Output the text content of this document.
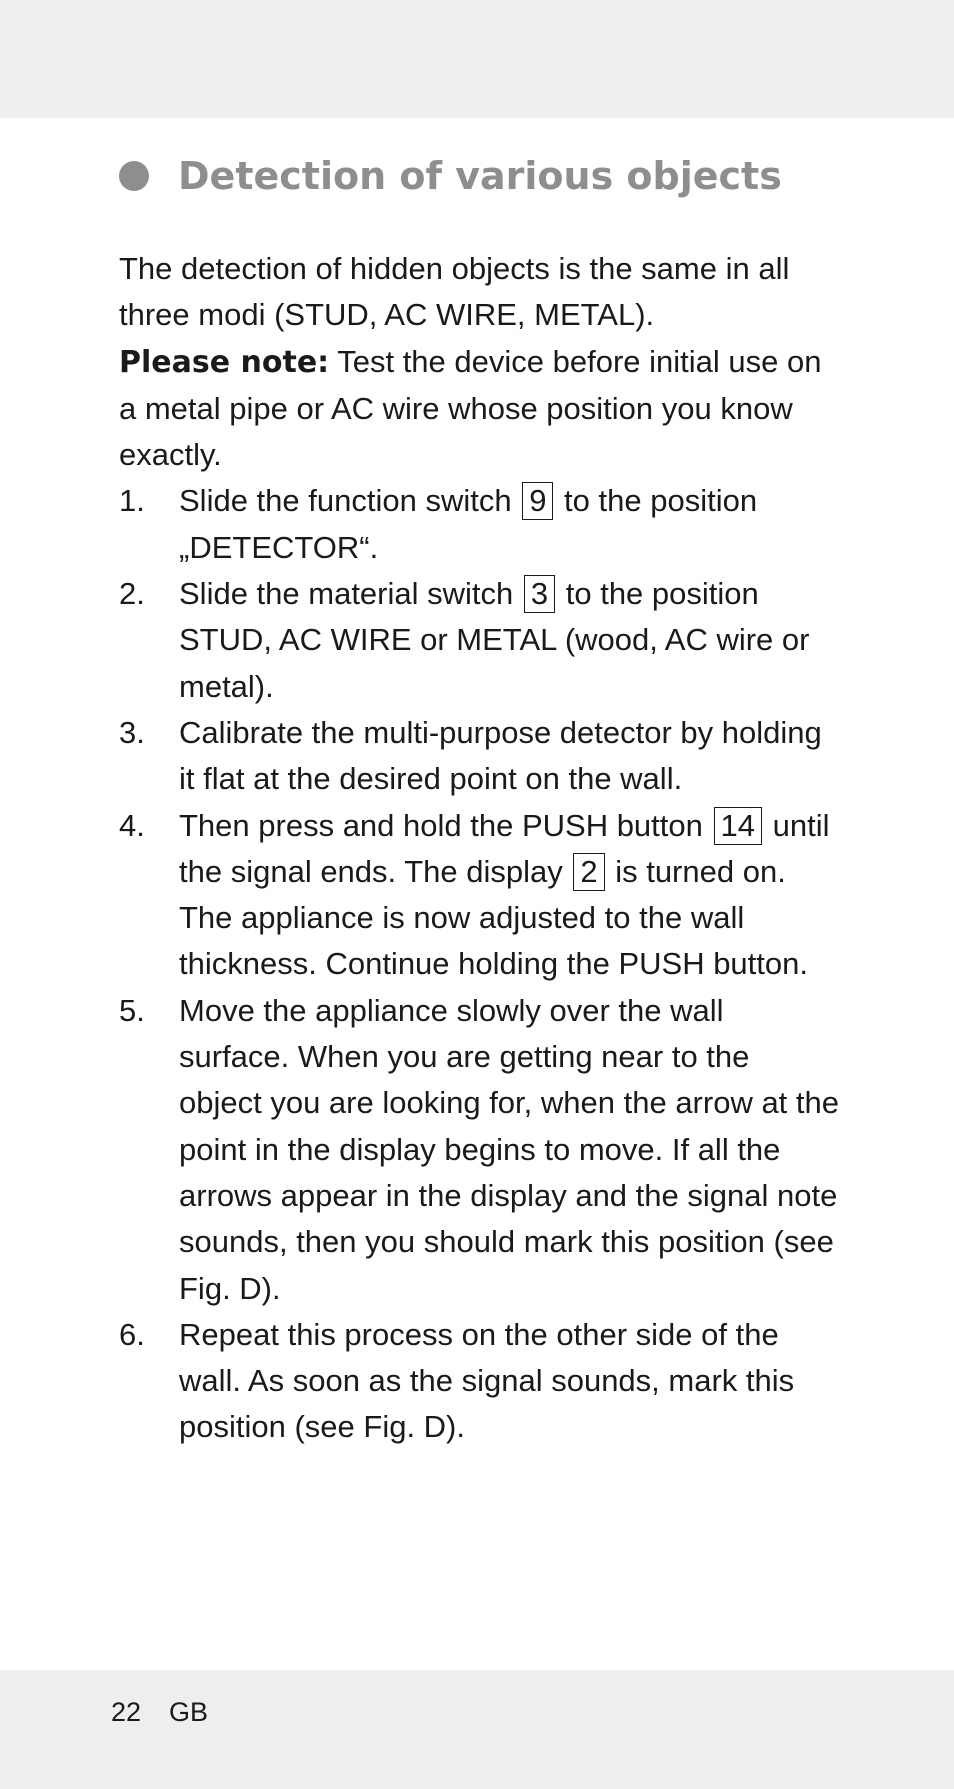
Detection of various objects

The detection of hidden objects is the same in all three modi (STUD, AC WIRE, METAL).

Please note: Test the device before initial use on a metal pipe or AC wire whose position you know exactly.

1. Slide the function switch 9 to the position „DETECTOR“.
2. Slide the material switch 3 to the position STUD, AC WIRE or METAL (wood, AC wire or metal).
3. Calibrate the multi-purpose detector by holding it flat at the desired point on the wall.
4. Then press and hold the PUSH button 14 until the signal ends. The display 2 is turned on. The appliance is now adjusted to the wall thickness. Continue holding the PUSH button.
5. Move the appliance slowly over the wall surface. When you are getting near to the object you are looking for, when the arrow at the point in the display begins to move. If all the arrows appear in the display and the signal note sounds, then you should mark this position (see Fig. D).
6. Repeat this process on the other side of the wall. As soon as the signal sounds, mark this position (see Fig. D).
22 GB
